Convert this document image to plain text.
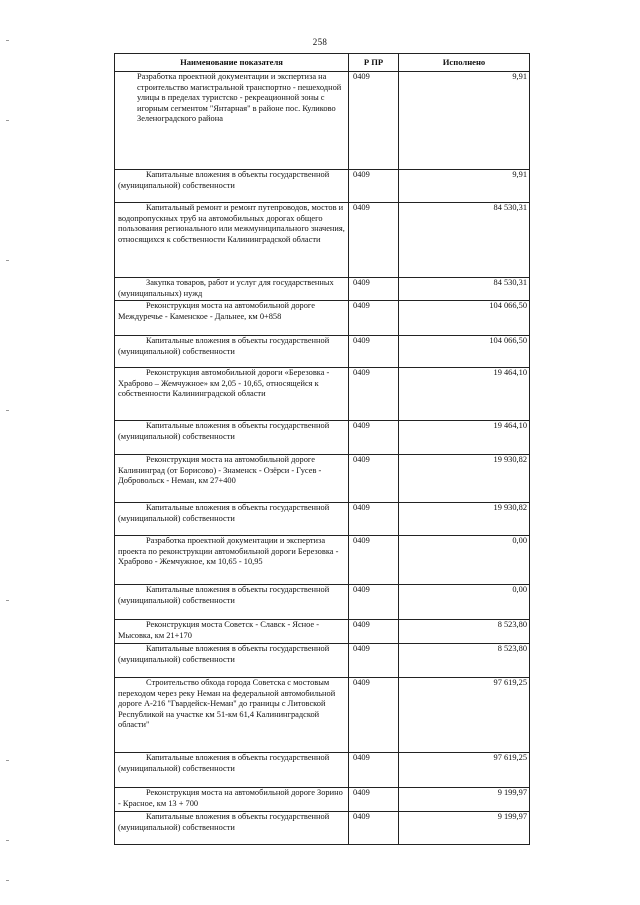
258
Наименование показателя	Р ПР	Исполнено
Разработка проектной документации и экспертиза на строительство магистральной транспортно - пешеходной улицы в пределах туристско - рекреационной зоны с игорным сегментом "Янтарная" в районе пос. Куликово Зеленоградского района	0409	9,91
Капитальные вложения в объекты государственной (муниципальной) собственности	0409	9,91
Капитальный ремонт и ремонт путепроводов, мостов и водопропускных труб на автомобильных дорогах общего пользования регионального или межмуниципального значения, относящихся к собственности Калининградской области	0409	84 530,31
Закупка товаров, работ и услуг для государственных (муниципальных) нужд	0409	84 530,31
Реконструкция моста на автомобильной дороге Междуречье - Каменское - Дальнее, км 0+858	0409	104 066,50
Капитальные вложения в объекты государственной (муниципальной) собственности	0409	104 066,50
Реконструкция автомобильной дороги «Березовка - Храброво – Жемчужное» км 2,05 - 10,65, относящейся к собственности Калининградской области	0409	19 464,10
Капитальные вложения в объекты государственной (муниципальной) собственности	0409	19 464,10
Реконструкция моста на автомобильной дороге Калининград (от Борисово) - Знаменск - Озёрси - Гусев - Добровольск - Неман, км 27+400	0409	19 930,82
Капитальные вложения в объекты государственной (муниципальной) собственности	0409	19 930,82
Разработка проектной документации и экспертиза проекта по реконструкции автомобильной дороги Березовка - Храброво - Жемчужное, км 10,65 - 10,95	0409	0,00
Капитальные вложения в объекты государственной (муниципальной) собственности	0409	0,00
Реконструкция моста Советск - Славск - Ясное - Мысовка, км 21+170	0409	8 523,80
Капитальные вложения в объекты государственной (муниципальной) собственности	0409	8 523,80
Строительство обхода города Советска с мостовым переходом через реку Неман на федеральной автомобильной дороге А-216 "Гвардейск-Неман" до границы с Литовской Республикой на участке км 51-км 61,4 Калининградской области"	0409	97 619,25
Капитальные вложения в объекты государственной (муниципальной) собственности	0409	97 619,25
Реконструкция моста на автомобильной дороге Зорино - Красное, км 13 + 700	0409	9 199,97
Капитальные вложения в объекты государственной (муниципальной) собственности	0409	9 199,97
